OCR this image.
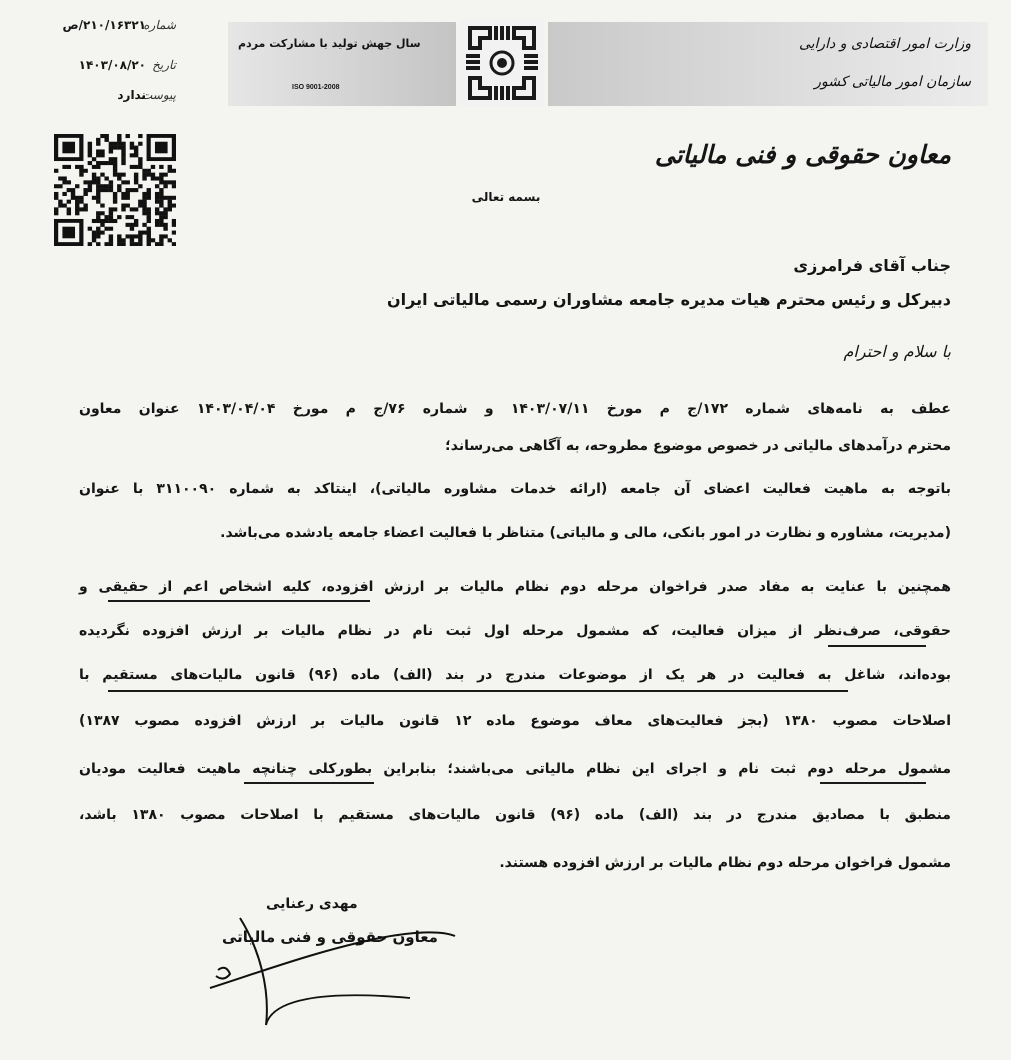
وزارت امور اقتصادی و دارایی
سازمان امور مالیاتی کشور
سال جهش تولید با مشارکت مردم
ISO 9001-2008
شماره
۲۱۰/۱۶۳۲۱/ص
تاریخ
۱۴۰۳/۰۸/۲۰
پیوست
ندارد
معاون حقوقی و فنی مالیاتی
بسمه تعالی
جناب آقای فرامرزی
دبیرکل و رئیس محترم هیات مدیره جامعه مشاوران رسمی مالیاتی ایران
با سلام و احترام
عطف به نامه‌های شماره ۱۷۲/ج م مورخ ۱۴۰۳/۰۷/۱۱ و شماره ۷۶/ج م مورخ ۱۴۰۳/۰۴/۰۴ عنوان معاون
محترم درآمدهای مالیاتی در خصوص موضوع مطروحه، به آگاهی می‌رساند؛
باتوجه به ماهیت فعالیت اعضای آن جامعه (ارائه خدمات مشاوره مالیاتی)، اینتاکد به شماره ۳۱۱۰۰۹۰ با عنوان
(مدیریت، مشاوره و نظارت در امور بانکی، مالی و مالیاتی) متناظر با فعالیت اعضاء جامعه یادشده می‌باشد.
همچنین با عنایت به مفاد صدر فراخوان مرحله دوم نظام مالیات بر ارزش افزوده، کلیه اشخاص اعم از حقیقی و
حقوقی، صرف‌نظر از میزان فعالیت، که مشمول مرحله اول ثبت نام در نظام مالیات بر ارزش افزوده نگردیده
بوده‌اند، شاغل به فعالیت در هر یک از موضوعات مندرج در بند (الف) ماده (۹۶) قانون مالیات‌های مستقیم با
اصلاحات مصوب ۱۳۸۰ (بجز فعالیت‌های معاف موضوع ماده ۱۲ قانون مالیات بر ارزش افزوده مصوب ۱۳۸۷)
مشمول مرحله دوم ثبت نام و اجرای این نظام مالیاتی می‌باشند؛ بنابراین بطورکلی چنانچه ماهیت فعالیت مودیان
منطبق با مصادیق مندرج در بند (الف) ماده (۹۶) قانون مالیات‌های مستقیم با اصلاحات مصوب ۱۳۸۰ باشد،
مشمول فراخوان مرحله دوم نظام مالیات بر ارزش افزوده هستند.
مهدی رعنایی
معاون حقوقی و فنی مالیاتی
